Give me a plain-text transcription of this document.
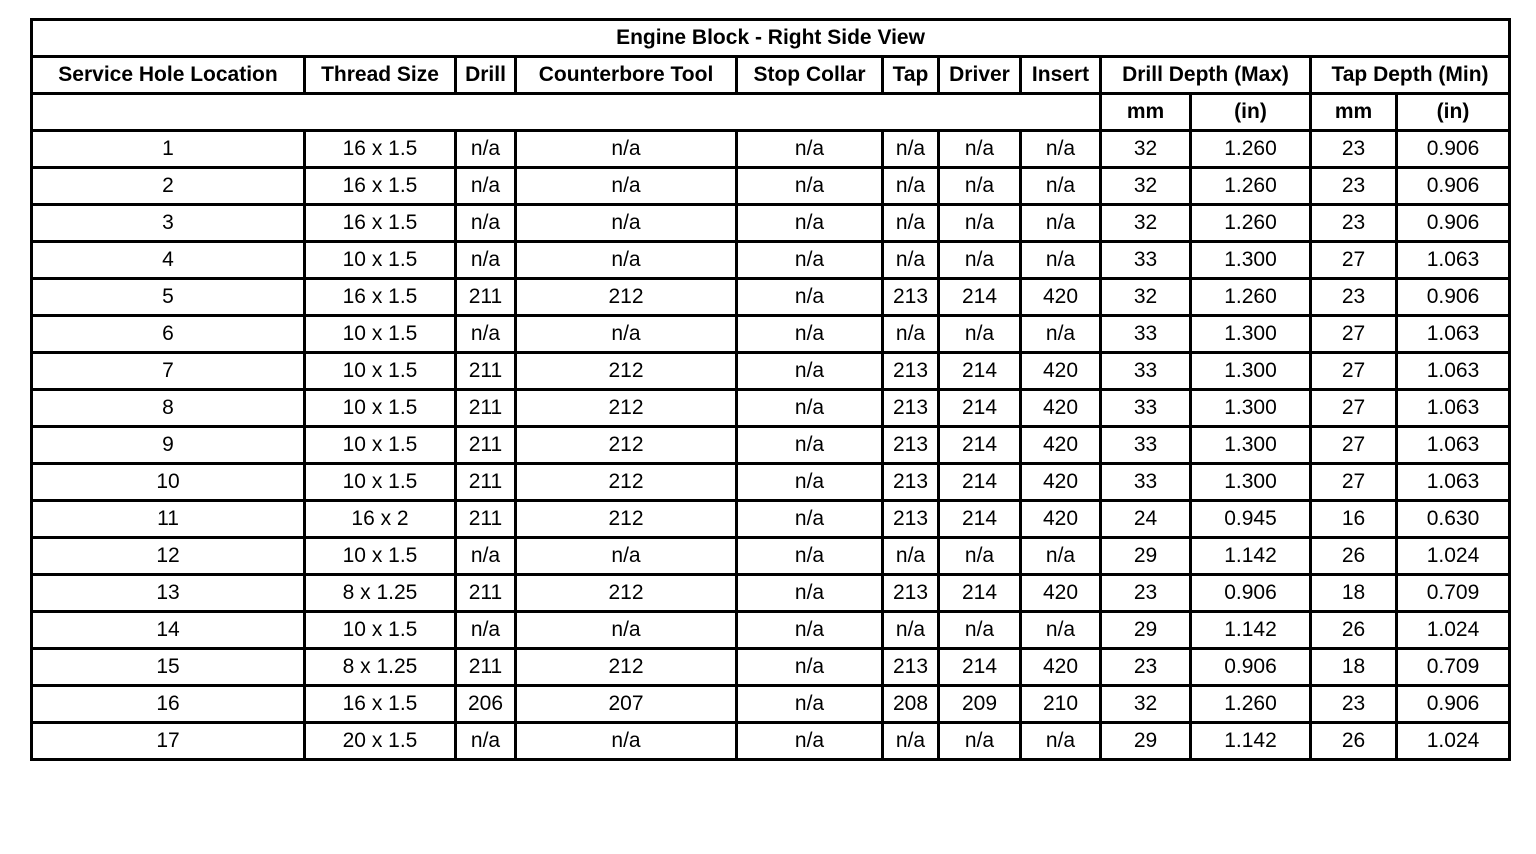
Engine Block - Right Side View											
Service Hole Location	Thread Size	Drill	Counterbore Tool	Stop Collar	Tap	Driver	Insert	Drill Depth (Max)		Tap Depth (Min)	
								mm	(in)	mm	(in)
1	16 x 1.5	n/a	n/a	n/a	n/a	n/a	n/a	32	1.260	23	0.906
2	16 x 1.5	n/a	n/a	n/a	n/a	n/a	n/a	32	1.260	23	0.906
3	16 x 1.5	n/a	n/a	n/a	n/a	n/a	n/a	32	1.260	23	0.906
4	10 x 1.5	n/a	n/a	n/a	n/a	n/a	n/a	33	1.300	27	1.063
5	16 x 1.5	211	212	n/a	213	214	420	32	1.260	23	0.906
6	10 x 1.5	n/a	n/a	n/a	n/a	n/a	n/a	33	1.300	27	1.063
7	10 x 1.5	211	212	n/a	213	214	420	33	1.300	27	1.063
8	10 x 1.5	211	212	n/a	213	214	420	33	1.300	27	1.063
9	10 x 1.5	211	212	n/a	213	214	420	33	1.300	27	1.063
10	10 x 1.5	211	212	n/a	213	214	420	33	1.300	27	1.063
11	16 x 2	211	212	n/a	213	214	420	24	0.945	16	0.630
12	10 x 1.5	n/a	n/a	n/a	n/a	n/a	n/a	29	1.142	26	1.024
13	8 x 1.25	211	212	n/a	213	214	420	23	0.906	18	0.709
14	10 x 1.5	n/a	n/a	n/a	n/a	n/a	n/a	29	1.142	26	1.024
15	8 x 1.25	211	212	n/a	213	214	420	23	0.906	18	0.709
16	16 x 1.5	206	207	n/a	208	209	210	32	1.260	23	0.906
17	20 x 1.5	n/a	n/a	n/a	n/a	n/a	n/a	29	1.142	26	1.024
